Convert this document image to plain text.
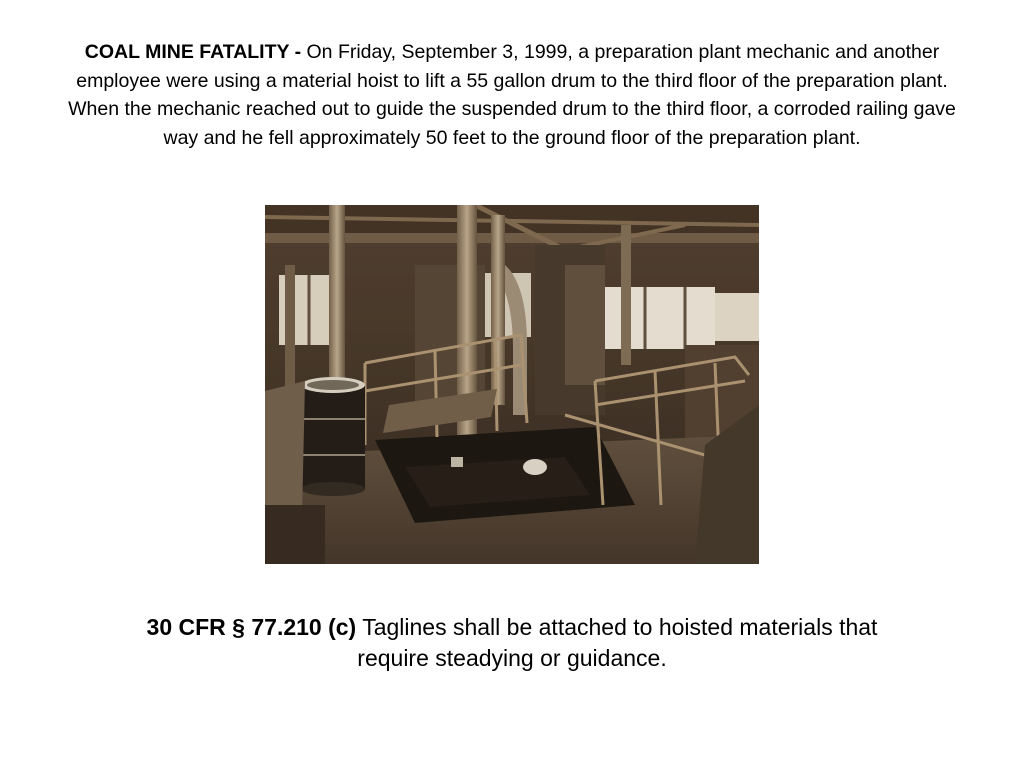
COAL MINE FATALITY - On Friday, September 3, 1999, a preparation plant mechanic and another employee were using a material hoist to lift a 55 gallon drum to the third floor of the preparation plant. When the mechanic reached out to guide the suspended drum to the third floor, a corroded railing gave way and he fell approximately 50 feet to the ground floor of the preparation plant.

30 CFR § 77.210 (c) Taglines shall be attached to hoisted materials that require steadying or guidance.
